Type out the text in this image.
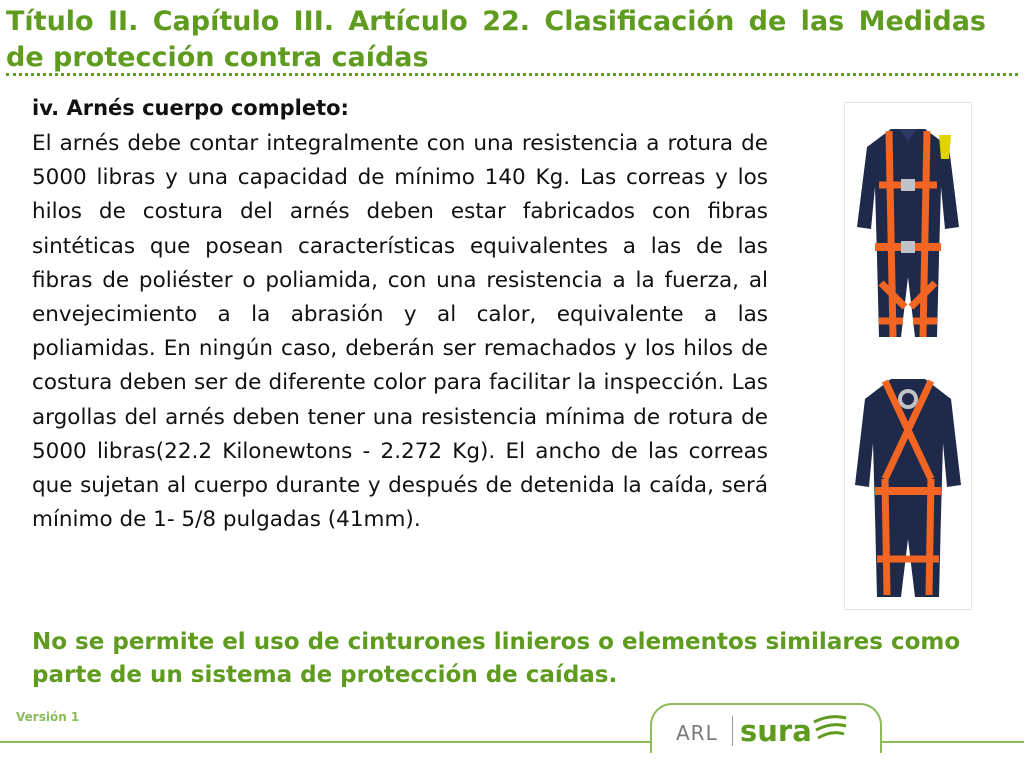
Título II. Capítulo III. Artículo 22. Clasificación de las Medidas de protección contra caídas
iv. Arnés cuerpo completo:

El arnés debe contar integralmente con una resistencia a rotura de 5000 libras y una capacidad de mínimo 140 Kg. Las correas y los hilos de costura del arnés deben estar fabricados con fibras sintéticas que posean características equivalentes a las de las fibras de poliéster o poliamida, con una resistencia a la fuerza, al envejecimiento a la abrasión y al calor, equivalente a las poliamidas. En ningún caso, deberán ser remachados y los hilos de costura deben ser de diferente color para facilitar la inspección. Las argollas del arnés deben tener una resistencia mínima de rotura de 5000 libras(22.2 Kilonewtons - 2.272 Kg). El ancho de las correas que sujetan al cuerpo durante y después de detenida la caída, será mínimo de 1- 5/8 pulgadas (41mm).

No se permite el uso de cinturones linieros o elementos similares como parte de un sistema de protección de caídas.

Versión 1
ARL sura
